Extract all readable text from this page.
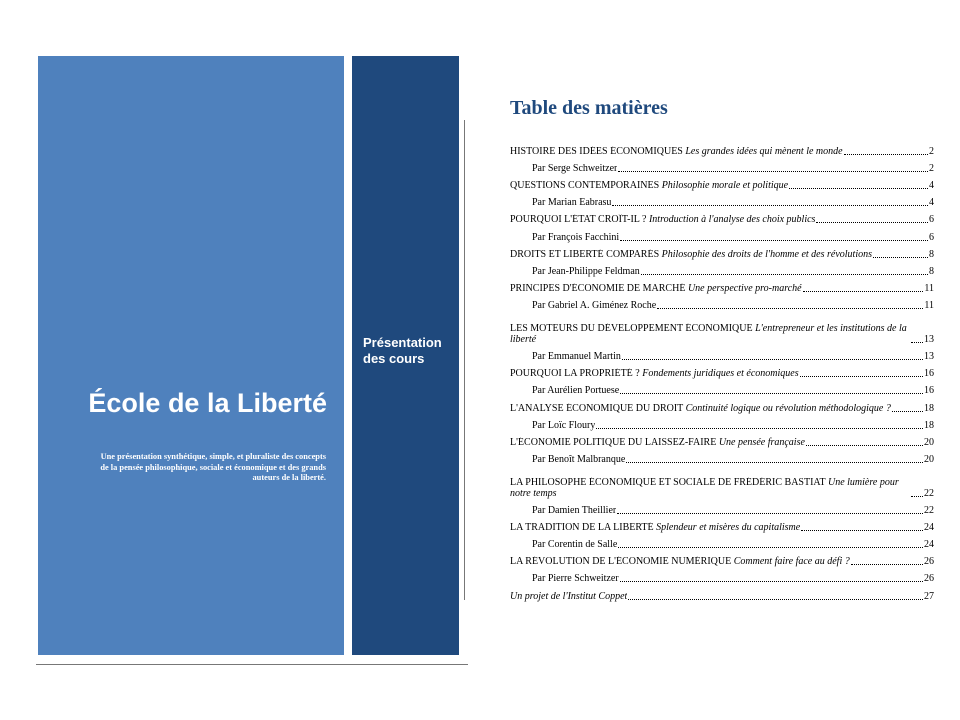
École de la Liberté
Une présentation synthétique, simple, et pluraliste des concepts de la pensée philosophique, sociale et économique et des grands auteurs de la liberté.
Présentation des cours
Table des matières
HISTOIRE DES IDÉES ÉCONOMIQUES Les grandes idées qui mènent le monde	2
Par Serge Schweitzer	2
QUESTIONS CONTEMPORAINES Philosophie morale et politique	4
Par Marian Eabrasu	4
POURQUOI L'ÉTAT CROÎT-IL ? Introduction à l'analyse des choix publics	6
Par François Facchini	6
DROITS ET LIBERTÉ COMPARÉS Philosophie des droits de l'homme et des révolutions	8
Par Jean-Philippe Feldman	8
PRINCIPES D'ÉCONOMIE DE MARCHÉ Une perspective pro-marché	11
Par Gabriel A. Giménez Roche	11
LES MOTEURS DU DÉVELOPPEMENT ÉCONOMIQUE L'entrepreneur et les institutions de la liberté	13
Par Emmanuel Martin	13
POURQUOI LA PROPRIÉTÉ ? Fondements juridiques et économiques	16
Par Aurélien Portuese	16
L'ANALYSE ÉCONOMIQUE DU DROIT Continuité logique ou révolution méthodologique ?	18
Par Loïc Floury	18
L'ÉCONOMIE POLITIQUE DU LAISSEZ-FAIRE Une pensée française	20
Par Benoît Malbranque	20
LA PHILOSOPHE ÉCONOMIQUE ET SOCIALE DE FRÉDÉRIC BASTIAT Une lumière pour notre temps	22
Par Damien Theillier	22
LA TRADITION DE LA LIBERTÉ Splendeur et misères du capitalisme	24
Par Corentin de Salle	24
LA RÉVOLUTION DE L'ÉCONOMIE NUMÉRIQUE Comment faire face au défi ?	26
Par Pierre Schweitzer	26
Un projet de l'Institut Coppet	27
